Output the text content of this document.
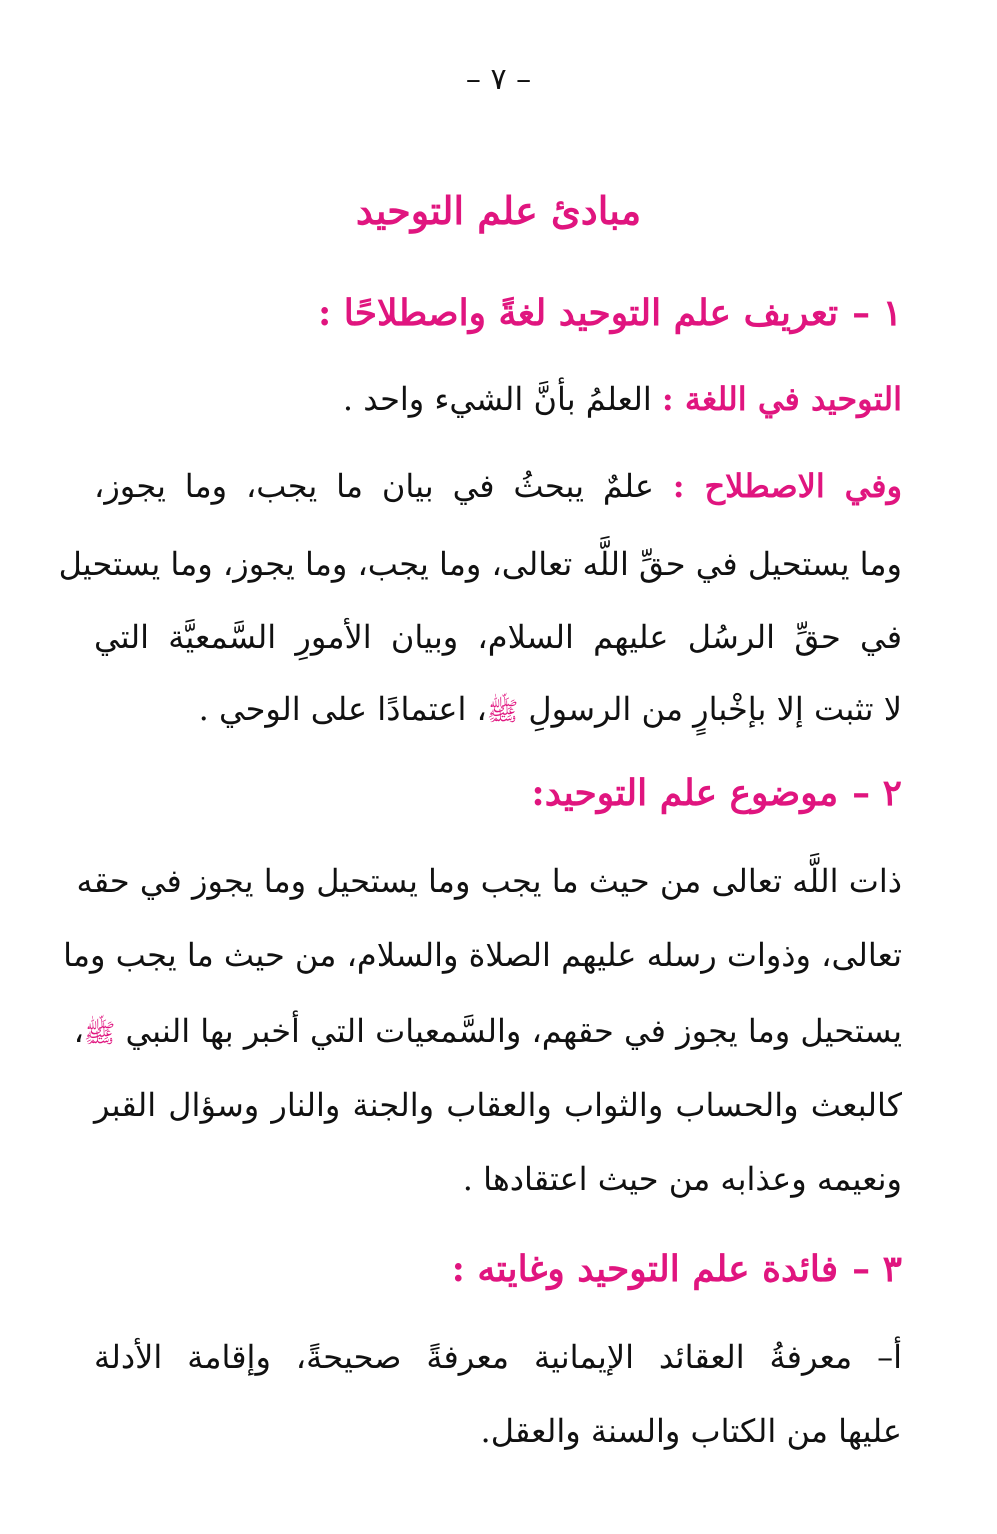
– ٧ –
مبادئ علم التوحيد
١ –تعريف علم التوحيد لغةً واصطلاحًا :
التوحيد في اللغة : العلمُ بأنَّ الشيء واحد .
وفي الاصطلاح : علمٌ يبحثُ في بيان ما يجب، وما يجوز،
وما يستحيل في حقِّ اللَّه تعالى، وما يجب، وما يجوز، وما يستحيل
في حقِّ الرسُل عليهم السلام، وبيان الأمورِ السَّمعيَّة التي
لا تثبت إلا بإخْبارٍ من الرسولِ ﷺ، اعتمادًا على الوحي .
٢ –موضوع علم التوحيد:
ذات اللَّه تعالى من حيث ما يجب وما يستحيل وما يجوز في حقه
تعالى، وذوات رسله عليهم الصلاة والسلام، من حيث ما يجب وما
يستحيل وما يجوز في حقهم، والسَّمعيات التي أخبر بها النبي ﷺ،
كالبعث والحساب والثواب والعقاب والجنة والنار وسؤال القبر
ونعيمه وعذابه من حيث اعتقادها .
٣ –فائدة علم التوحيد وغايته :
أ– معرفةُ العقائد الإيمانية معرفةً صحيحةً، وإقامة الأدلة
عليها من الكتاب والسنة والعقل.
